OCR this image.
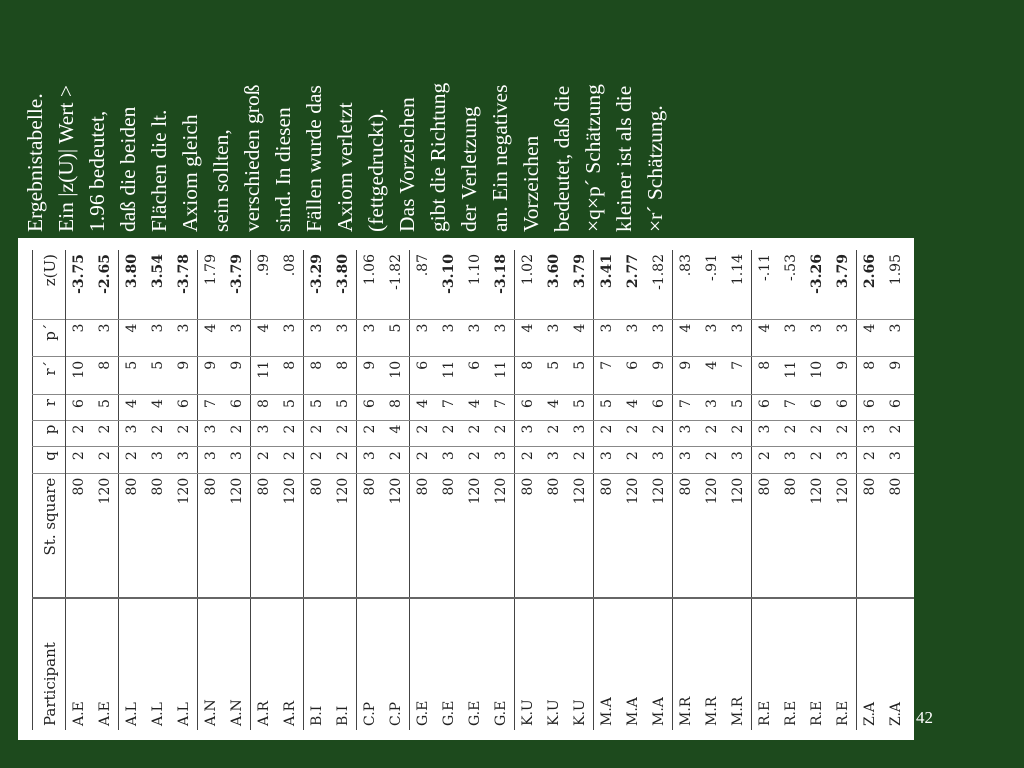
Ergebnistabelle. Ein |z(U)| Wert > 1.96 bedeutet, daß die beiden Flächen die lt. Axiom gleich sein sollten, verschieden groß sind. In diesen Fällen wurde das Axiom verletzt (fettgedruckt). Das Vorzeichen gibt die Richtung der Verletzung an. Ein negatives Vorzeichen bedeutet, daß die ×q×p´ Schätzung kleiner ist als die ×r´ Schätzung.
Participant	St. square	q	p	r	r´	p´	z(U)
A.E	80	2	2	6	10	3	-3.75
A.E	120	2	2	5	8	3	-2.65
A.L	80	2	3	4	5	4	3.80
A.L	80	3	2	4	5	3	3.54
A.L	120	3	2	6	9	3	-3.78
A.N	80	3	3	7	9	4	1.79
A.N	120	3	2	6	9	3	-3.79
A.R	80	2	3	8	11	4	.99
A.R	120	2	2	5	8	3	.08
B.I	80	2	2	5	8	3	-3.29
B.I	120	2	2	5	8	3	-3.80
C.P	80	3	2	6	9	3	1.06
C.P	120	2	4	8	10	5	-1.82
G.E	80	2	2	4	6	3	.87
G.E	80	3	2	7	11	3	-3.10
G.E	120	2	2	4	6	3	1.10
G.E	120	3	2	7	11	3	-3.18
K.U	80	2	3	6	8	4	1.02
K.U	80	3	2	4	5	3	3.60
K.U	120	2	3	5	5	4	3.79
M.A	80	3	2	5	7	3	3.41
M.A	120	2	2	4	6	3	2.77
M.A	120	3	2	6	9	3	-1.82
M.R	80	3	3	7	9	4	.83
M.R	120	2	2	3	4	3	-.91
M.R	120	3	2	5	7	3	1.14
R.E	80	2	3	6	8	4	-.11
R.E	80	3	2	7	11	3	-.53
R.E	120	2	2	6	10	3	-3.26
R.E	120	3	2	6	9	3	3.79
Z.A	80	2	3	6	8	4	2.66
Z.A	80	3	2	6	9	3	1.95

42
